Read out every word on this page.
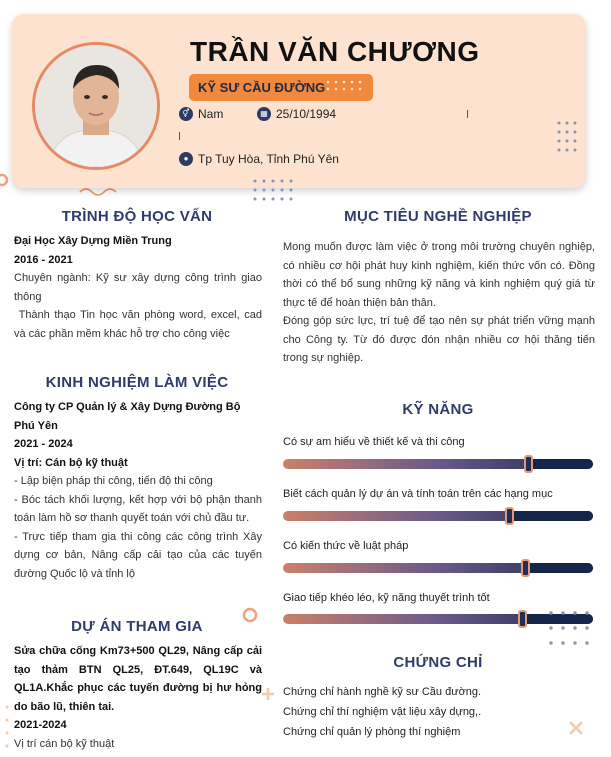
TRẦN VĂN CHƯƠNG
KỸ SƯ CẦU ĐƯỜNG
⚥ Nam	▦ 25/10/1994
● Tp Tuy Hòa, Tỉnh Phú Yên
TRÌNH ĐỘ HỌC VẤN
Đại Học Xây Dựng Miền Trung
2016 - 2021
Chuyên ngành: Kỹ sư xây dựng công trình giao thông
Thành thạo Tin học văn phòng word, excel, cad và các phần mềm khác hỗ trợ cho công việc
KINH NGHIỆM LÀM VIỆC
Công ty CP Quản lý & Xây Dựng Đường Bộ Phú Yên
2021 - 2024
Vị trí: Cán bộ kỹ thuật
- Lập biện pháp thi công, tiến độ thi công
- Bóc tách khối lượng, kết hợp với bộ phận thanh toán làm hồ sơ thanh quyết toán với chủ đầu tư.
- Trực tiếp tham gia thi công các công trình Xây dựng cơ bản, Nâng cấp cải tạo của các tuyến đường Quốc lộ và tỉnh lộ
DỰ ÁN THAM GIA
Sửa chữa cống Km73+500 QL29, Nâng cấp cải tạo thảm BTN QL25, ĐT.649, QL19C và QL1A.Khắc phục các tuyến đường bị hư hỏng do bão lũ, thiên tai.
2021-2024
Vị trí cán bộ kỹ thuật
MỤC TIÊU NGHỀ NGHIỆP
Mong muốn được làm việc ở trong môi trường chuyên nghiệp, có nhiều cơ hội phát huy kinh nghiệm, kiến thức vốn có. Đồng thời có thể bổ sung những kỹ năng và kinh nghiệm quý giá từ thực tế để hoàn thiện bản thân.
Đóng góp sức lực, trí tuệ để tạo nên sự phát triển vững mạnh cho Công ty. Từ đó được đón nhận nhiều cơ hội thăng tiến trong sự nghiệp.
KỸ NĂNG
Có sự am hiểu về thiết kế và thi công
Biết cách quản lý dự án và tính toán trên các hạng mục
Có kiến thức về luật pháp
Giao tiếp khéo léo, kỹ năng thuyết trình tốt
CHỨNG CHỈ
Chứng chỉ hành nghề kỹ sư Cầu đường.
Chứng chỉ thí nghiệm vật liệu xây dựng,.
Chứng chỉ quản lý phòng thí nghiệm
